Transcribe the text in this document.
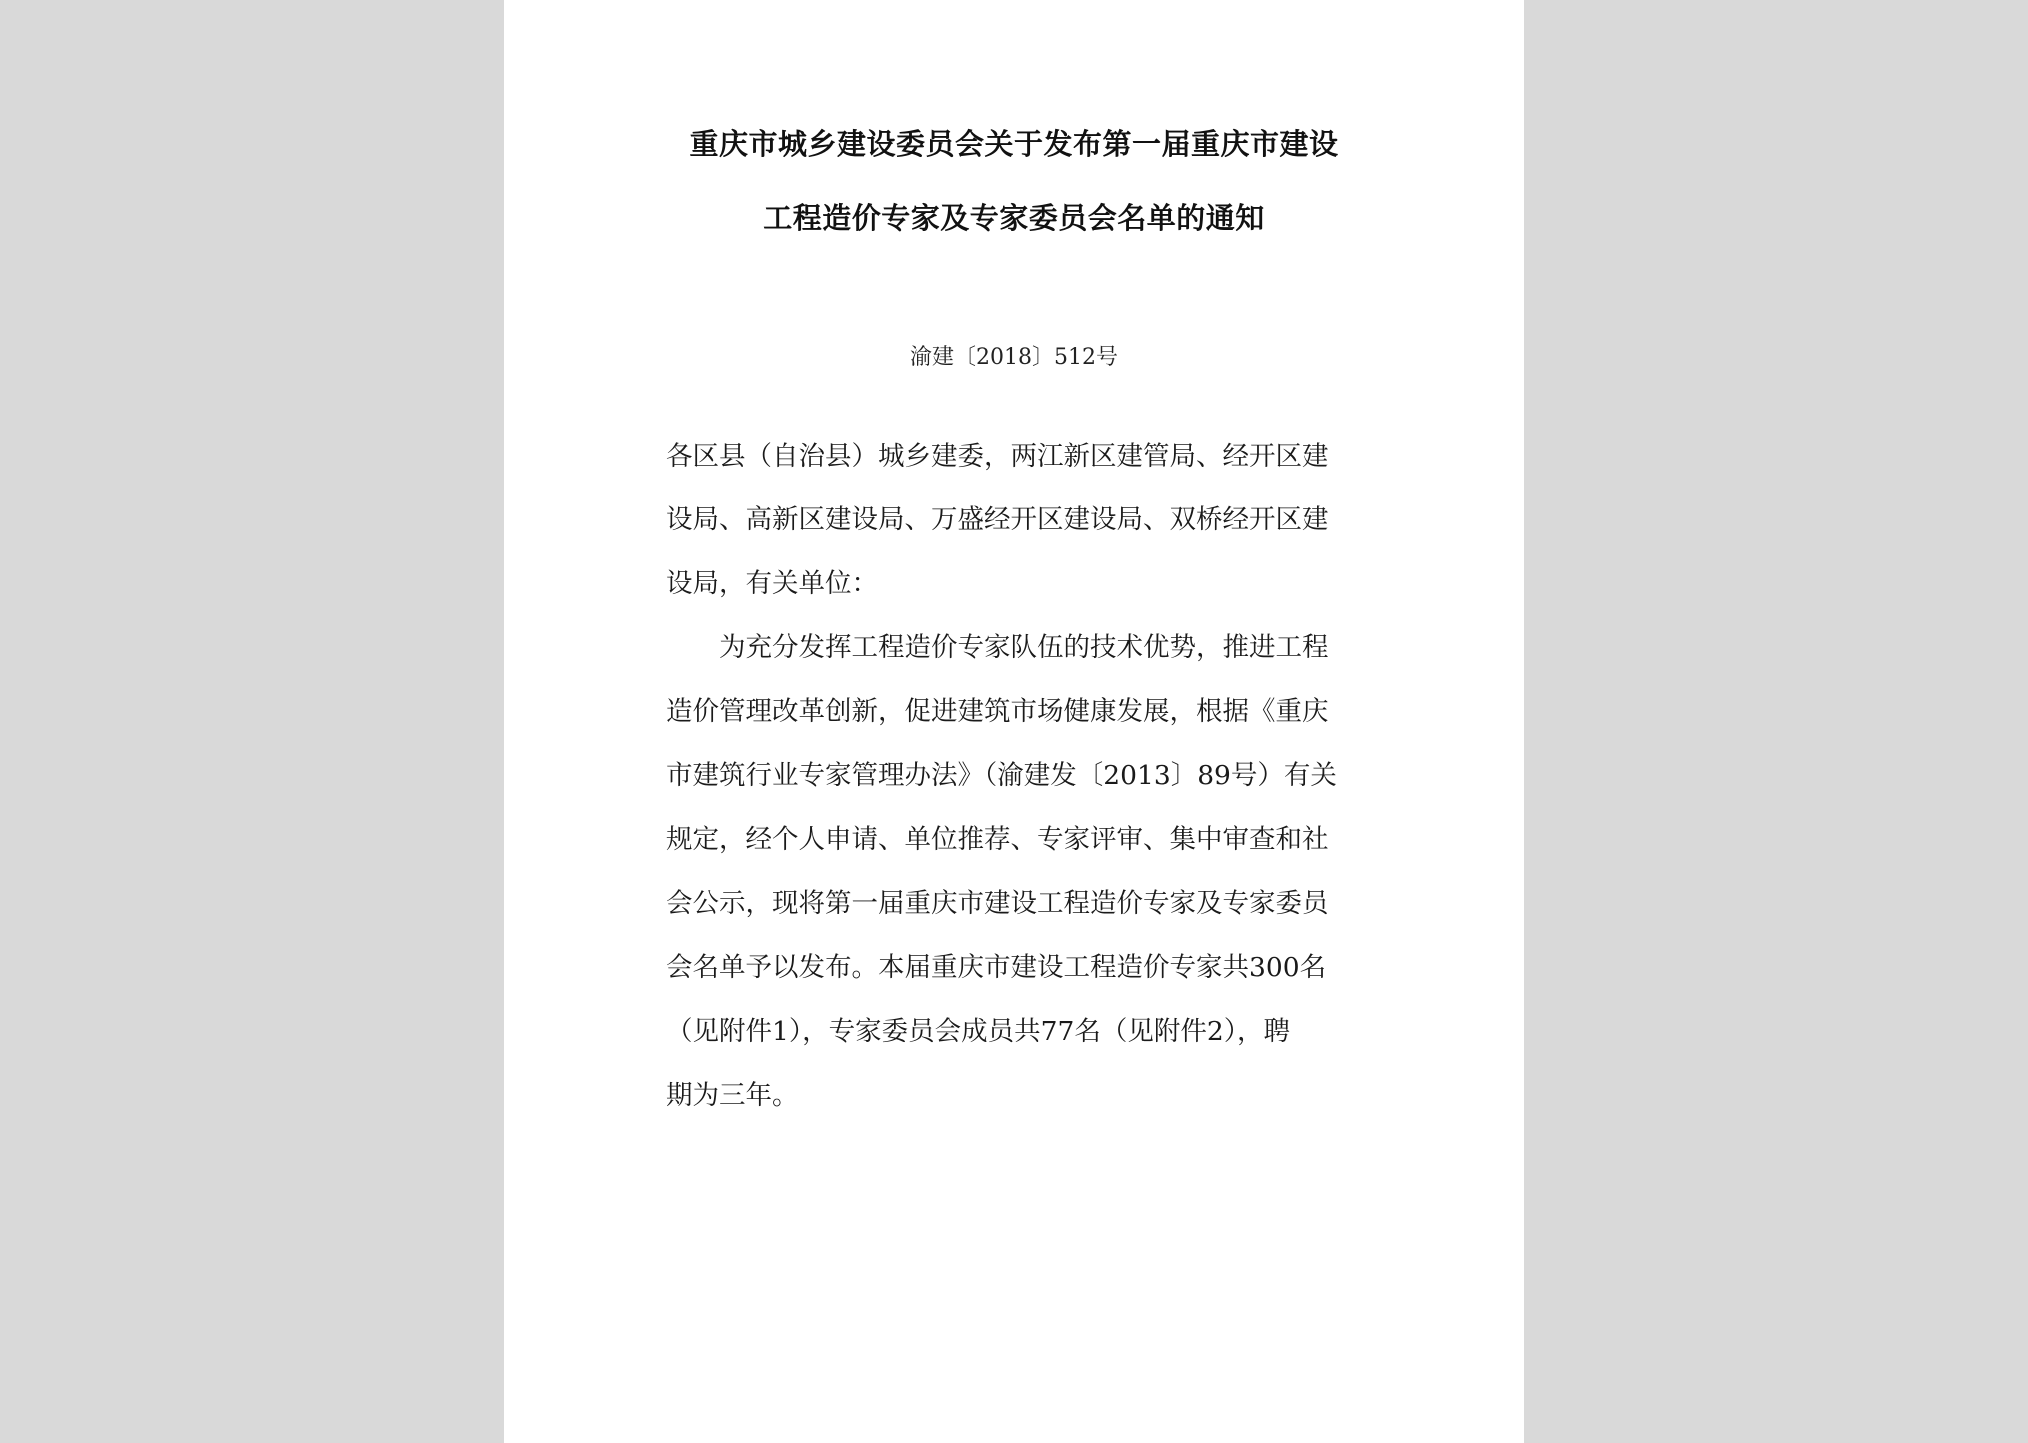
重庆市城乡建设委员会关于发布第一届重庆市建设
工程造价专家及专家委员会名单的通知
渝建〔2018〕512号
各区县（自治县）城乡建委，两江新区建管局、经开区建
设局、高新区建设局、万盛经开区建设局、双桥经开区建
设局，有关单位：
　　为充分发挥工程造价专家队伍的技术优势，推进工程
造价管理改革创新，促进建筑市场健康发展，根据《重庆
市建筑行业专家管理办法》（渝建发〔2013〕89号）有关
规定，经个人申请、单位推荐、专家评审、集中审查和社
会公示，现将第一届重庆市建设工程造价专家及专家委员
会名单予以发布。本届重庆市建设工程造价专家共300名
（见附件1），专家委员会成员共77名（见附件2），聘
期为三年。
